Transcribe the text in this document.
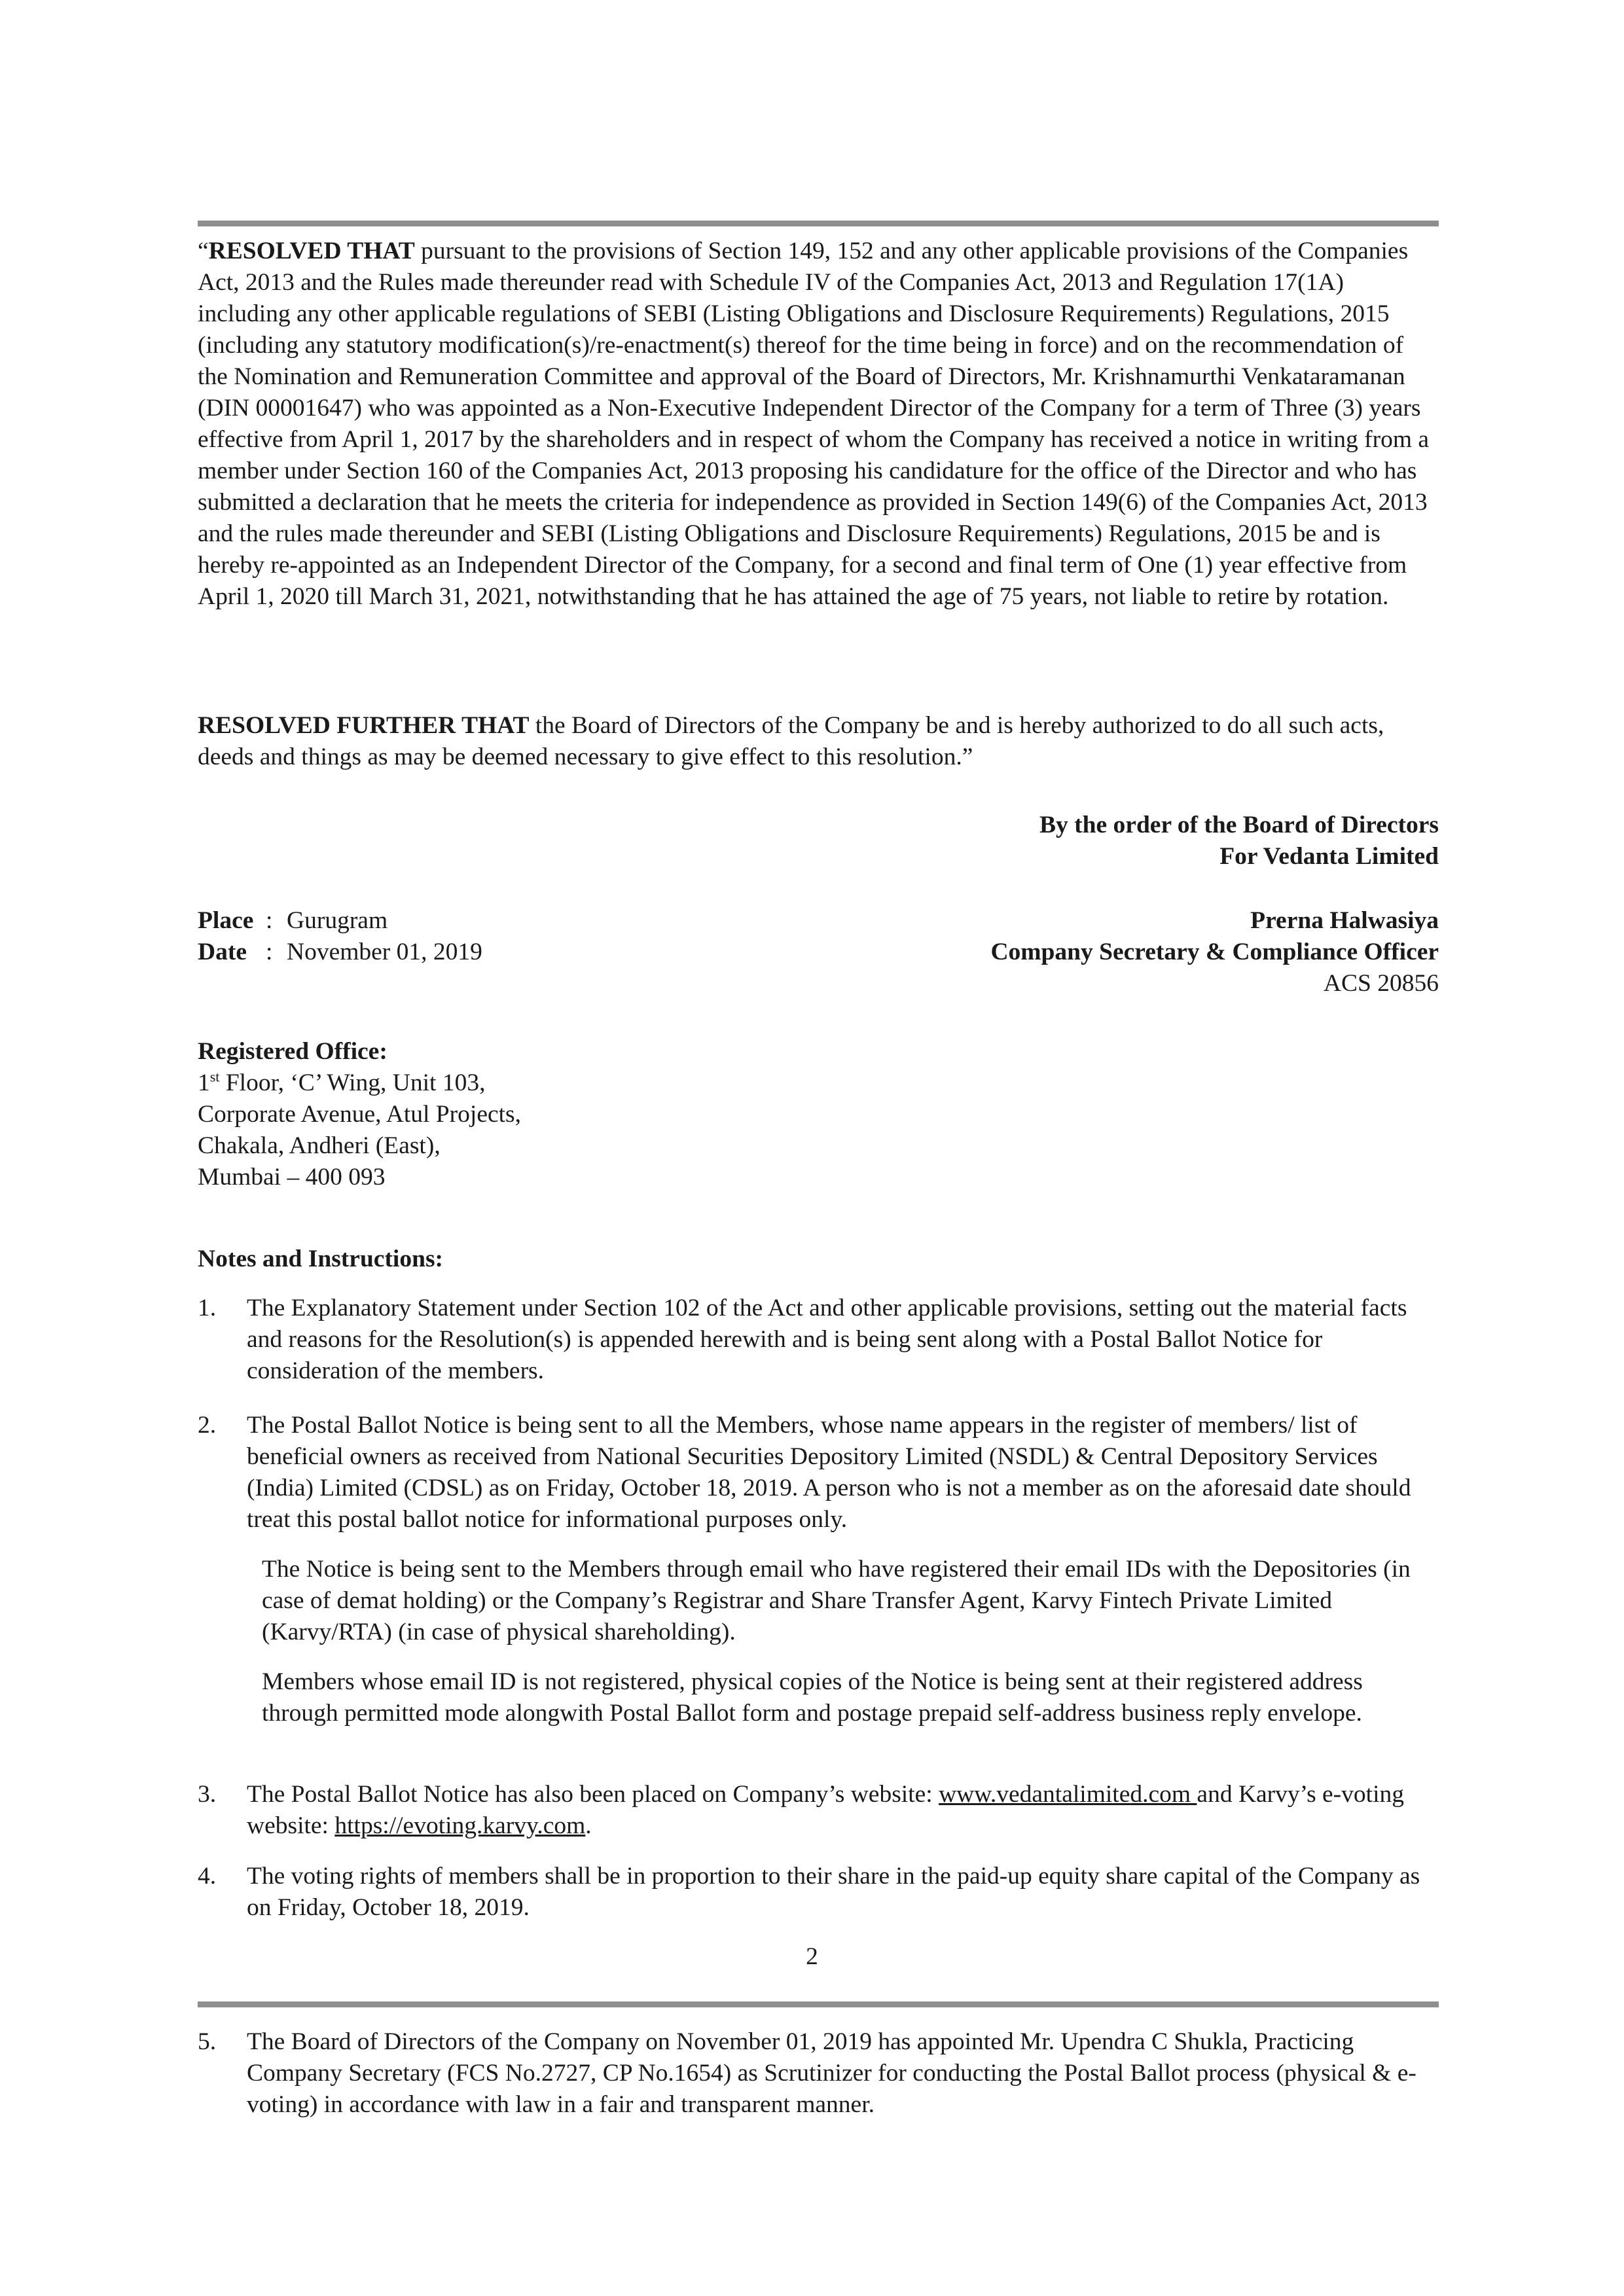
“RESOLVED THAT pursuant to the provisions of Section 149, 152 and any other applicable provisions of the Companies Act, 2013 and the Rules made thereunder read with Schedule IV of the Companies Act, 2013 and Regulation 17(1A) including any other applicable regulations of SEBI (Listing Obligations and Disclosure Requirements) Regulations, 2015 (including any statutory modification(s)/re-enactment(s) thereof for the time being in force) and on the recommendation of the Nomination and Remuneration Committee and approval of the Board of Directors, Mr. Krishnamurthi Venkataramanan (DIN 00001647) who was appointed as a Non-Executive Independent Director of the Company for a term of Three (3) years effective from April 1, 2017 by the shareholders and in respect of whom the Company has received a notice in writing from a member under Section 160 of the Companies Act, 2013 proposing his candidature for the office of the Director and who has submitted a declaration that he meets the criteria for independence as provided in Section 149(6) of the Companies Act, 2013 and the rules made thereunder and SEBI (Listing Obligations and Disclosure Requirements) Regulations, 2015 be and is hereby re-appointed as an Independent Director of the Company, for a second and final term of One (1) year effective from April 1, 2020 till March 31, 2021, notwithstanding that he has attained the age of 75 years, not liable to retire by rotation.

RESOLVED FURTHER THAT the Board of Directors of the Company be and is hereby authorized to do all such acts, deeds and things as may be deemed necessary to give effect to this resolution.”

By the order of the Board of Directors
For Vedanta Limited
Place : Gurugram
Date : November 01, 2019
Prerna Halwasiya
Company Secretary & Compliance Officer
ACS 20856
Registered Office:
1st Floor, ‘C’ Wing, Unit 103,
Corporate Avenue, Atul Projects,
Chakala, Andheri (East),
Mumbai – 400 093
Notes and Instructions:
1. The Explanatory Statement under Section 102 of the Act and other applicable provisions, setting out the material facts and reasons for the Resolution(s) is appended herewith and is being sent along with a Postal Ballot Notice for consideration of the members.

2. The Postal Ballot Notice is being sent to all the Members, whose name appears in the register of members/ list of beneficial owners as received from National Securities Depository Limited (NSDL) & Central Depository Services (India) Limited (CDSL) as on Friday, October 18, 2019. A person who is not a member as on the aforesaid date should treat this postal ballot notice for informational purposes only.

The Notice is being sent to the Members through email who have registered their email IDs with the Depositories (in case of demat holding) or the Company’s Registrar and Share Transfer Agent, Karvy Fintech Private Limited (Karvy/RTA) (in case of physical shareholding).

Members whose email ID is not registered, physical copies of the Notice is being sent at their registered address through permitted mode alongwith Postal Ballot form and postage prepaid self-address business reply envelope.

3. The Postal Ballot Notice has also been placed on Company’s website: www.vedantalimited.com and Karvy’s e-voting website: https://evoting.karvy.com.

4. The voting rights of members shall be in proportion to their share in the paid-up equity share capital of the Company as on Friday, October 18, 2019.

2
5. The Board of Directors of the Company on November 01, 2019 has appointed Mr. Upendra C Shukla, Practicing Company Secretary (FCS No.2727, CP No.1654) as Scrutinizer for conducting the Postal Ballot process (physical & e-voting) in accordance with law in a fair and transparent manner.
